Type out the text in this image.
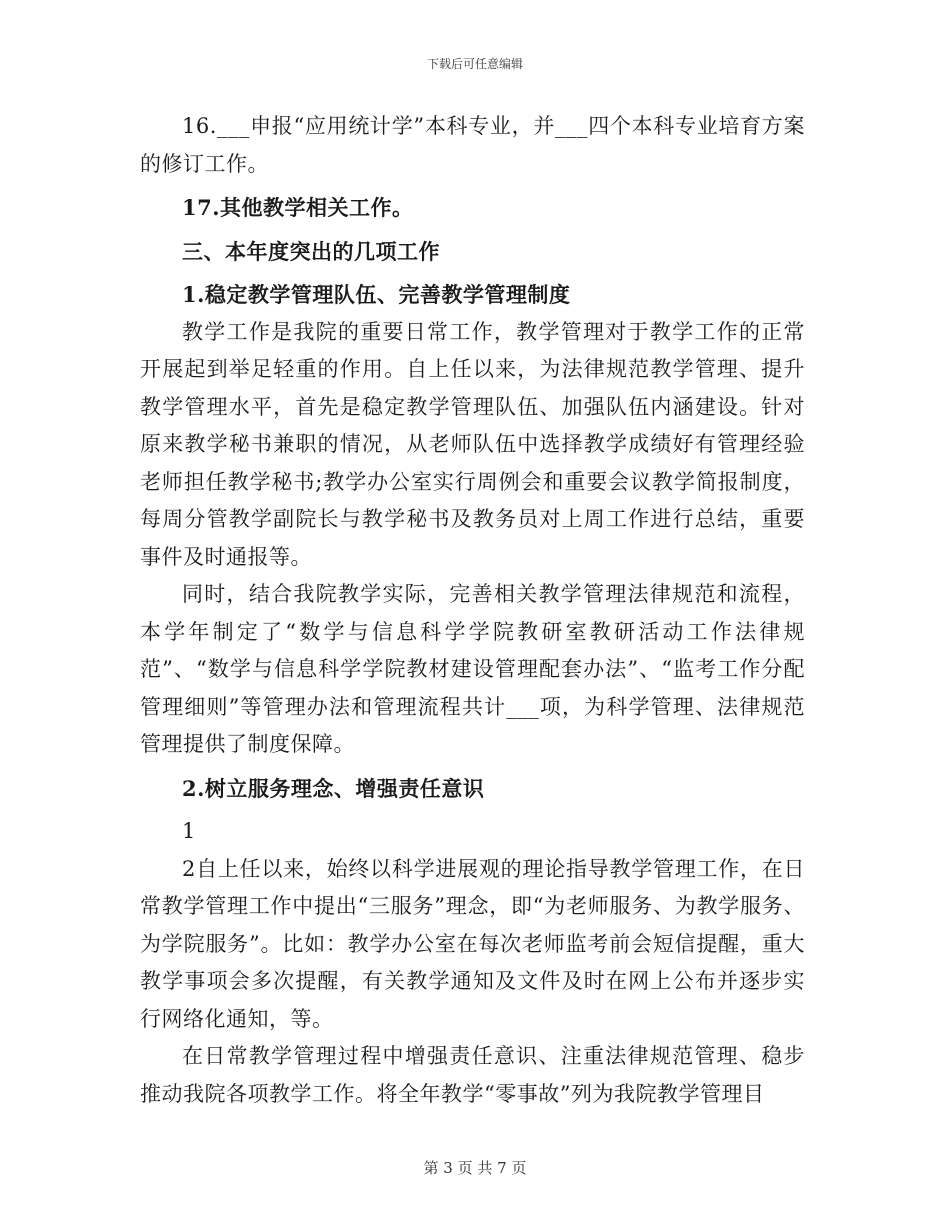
下载后可任意编辑

16.___申报“应用统计学”本科专业，并___四个本科专业培育方案的修订工作。

17.其他教学相关工作。

三、本年度突出的几项工作

1.稳定教学管理队伍、完善教学管理制度

教学工作是我院的重要日常工作，教学管理对于教学工作的正常开展起到举足轻重的作用。自上任以来，为法律规范教学管理、提升教学管理水平，首先是稳定教学管理队伍、加强队伍内涵建设。针对原来教学秘书兼职的情况，从老师队伍中选择教学成绩好有管理经验老师担任教学秘书;教学办公室实行周例会和重要会议教学简报制度，每周分管教学副院长与教学秘书及教务员对上周工作进行总结，重要事件及时通报等。

同时，结合我院教学实际，完善相关教学管理法律规范和流程，本学年制定了“数学与信息科学学院教研室教研活动工作法律规范”、“数学与信息科学学院教材建设管理配套办法”、“监考工作分配管理细则”等管理办法和管理流程共计___项，为科学管理、法律规范管理提供了制度保障。

2.树立服务理念、增强责任意识

1

2自上任以来，始终以科学进展观的理论指导教学管理工作，在日常教学管理工作中提出“三服务”理念，即“为老师服务、为教学服务、为学院服务”。比如：教学办公室在每次老师监考前会短信提醒，重大教学事项会多次提醒，有关教学通知及文件及时在网上公布并逐步实行网络化通知，等。

在日常教学管理过程中增强责任意识、注重法律规范管理、稳步推动我院各项教学工作。将全年教学“零事故”列为我院教学管理目

第 3 页 共 7 页
